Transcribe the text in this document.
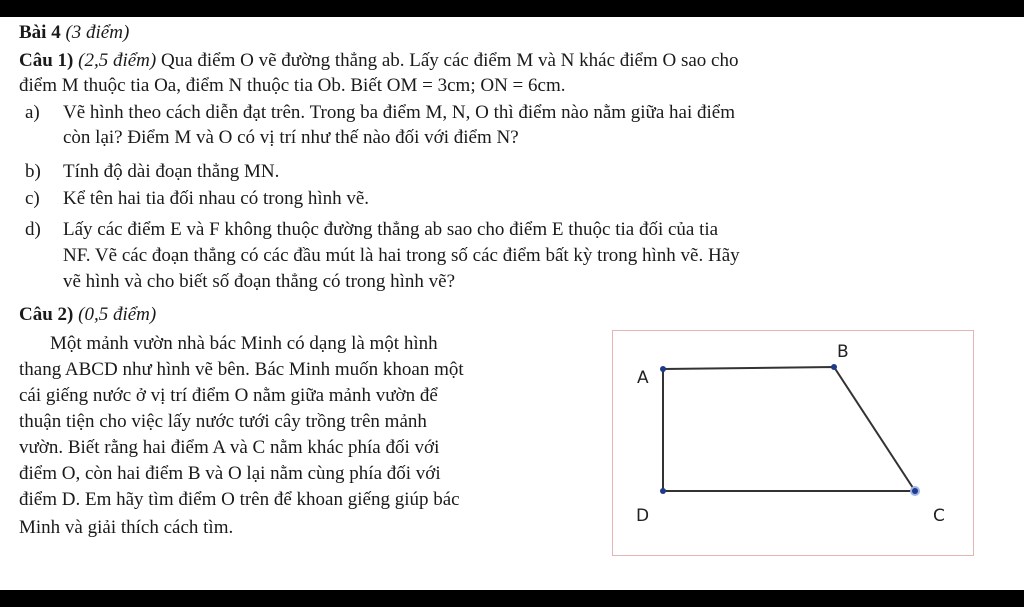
Bài 4 (3 điểm)
Câu 1) (2,5 điểm) Qua điểm O vẽ đường thẳng ab. Lấy các điểm M và N khác điểm O sao cho
điểm M thuộc tia Oa, điểm N thuộc tia Ob. Biết OM = 3cm; ON = 6cm.
a) Vẽ hình theo cách diễn đạt trên. Trong ba điểm M, N, O thì điểm nào nằm giữa hai điểm
còn lại? Điểm M và O có vị trí như thế nào đối với điểm N?
b) Tính độ dài đoạn thẳng MN.
c) Kể tên hai tia đối nhau có trong hình vẽ.
d) Lấy các điểm E và F không thuộc đường thẳng ab sao cho điểm E thuộc tia đối của tia
NF. Vẽ các đoạn thẳng có các đầu mút là hai trong số các điểm bất kỳ trong hình vẽ. Hãy
vẽ hình và cho biết số đoạn thẳng có trong hình vẽ?
Câu 2) (0,5 điểm)
Một mảnh vườn nhà bác Minh có dạng là một hình
thang ABCD như hình vẽ bên. Bác Minh muốn khoan một
cái giếng nước ở vị trí điểm O nằm giữa mảnh vườn để
thuận tiện cho việc lấy nước tưới cây trồng trên mảnh
vườn. Biết rằng hai điểm A và C nằm khác phía đối với
điểm O, còn hai điểm B và O lại nằm cùng phía đối với
điểm D. Em hãy tìm điểm O trên để khoan giếng giúp bác
Minh và giải thích cách tìm.
A
B
C
D
